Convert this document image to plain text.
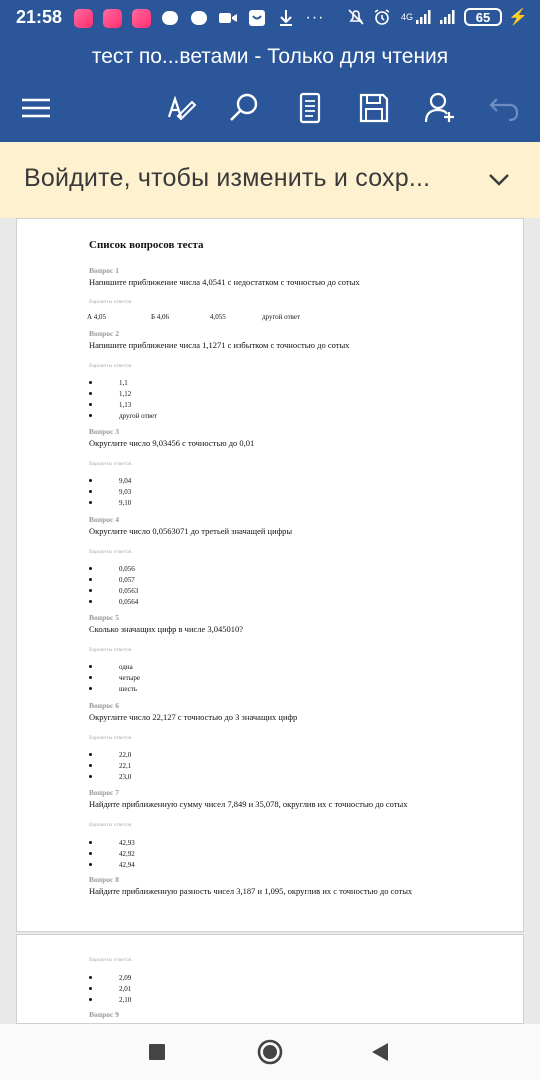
21:58	···	4G	65	⚡
тест по...ветами - Только для чтения
Войдите, чтобы изменить и сохр...
Список вопросов теста
Вопрос 1
Напишите приближение числа 4,0541 с недостатком с точностью до сотых
Варианты ответов
А 4,05	Б 4,06	4,055	другой ответ
Вопрос 2
Напишите приближение числа 1,1271 с избытком с точностью до сотых
Варианты ответов
1,1
1,12
1,13
другой ответ
Вопрос 3
Округлите число 9,03456 с точностью до 0,01
Варианты ответов
9,04
9,03
9,10
Вопрос 4
Округлите число 0,0563071 до третьей значащей цифры
Варианты ответов
0,056
0,057
0,0563
0,0564
Вопрос 5
Сколько значащих цифр в числе 3,045010?
Варианты ответов
одна
четыре
шесть
Вопрос 6
Округлите число 22,127 с точностью до 3 значащих цифр
Варианты ответов
22,0
22,1
23,0
Вопрос 7
Найдите приближенную сумму чисел 7,849 и 35,078, округлив их с точностью до сотых
Варианты ответов
42,93
42,92
42,94
Вопрос 8
Найдите приближенную разность чисел 3,187 и 1,095, округлив их с точностью до сотых
Варианты ответов
2,09
2,01
2,10
Вопрос 9
